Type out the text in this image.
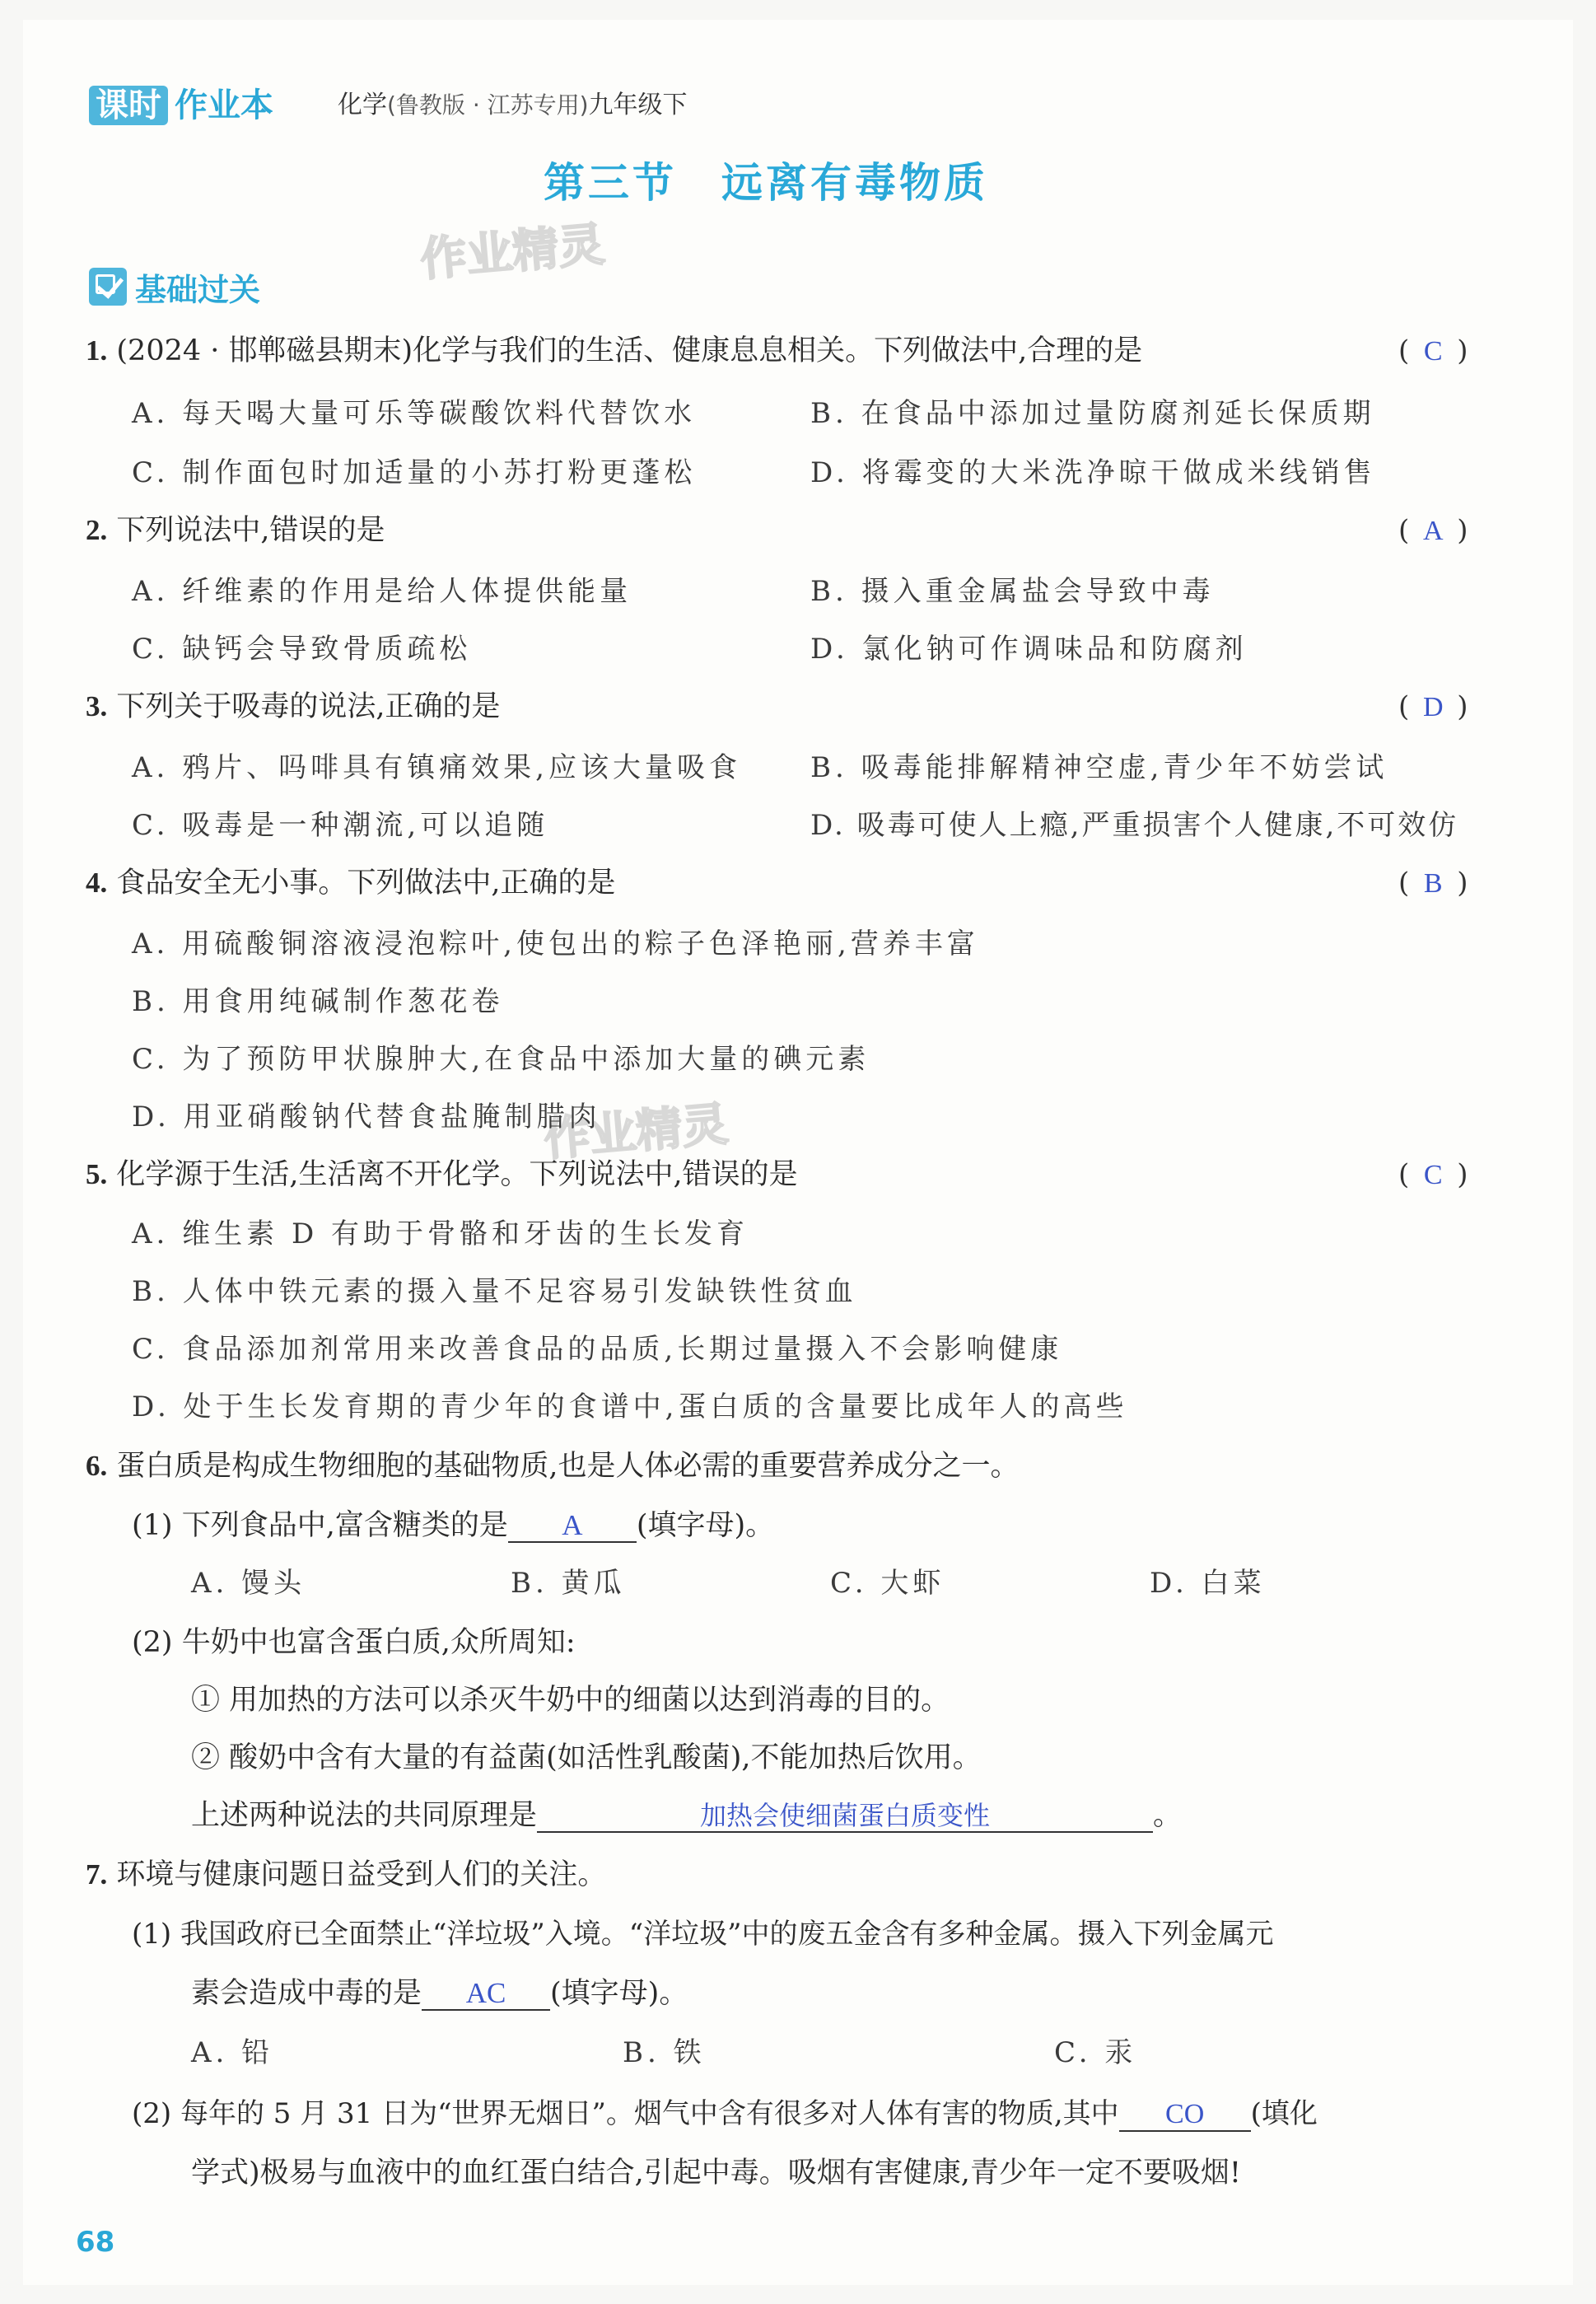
课时 作业本	化学(鲁教版 · 江苏专用)九年级下
第三节　远离有毒物质
作业精灵
作业精灵
基础过关
1. (2024 · 邯郸磁县期末)化学与我们的生活、健康息息相关。下列做法中,合理的是	( C )
A. 每天喝大量可乐等碳酸饮料代替饮水	B. 在食品中添加过量防腐剂延长保质期
C. 制作面包时加适量的小苏打粉更蓬松	D. 将霉变的大米洗净晾干做成米线销售
2. 下列说法中,错误的是	( A )
A. 纤维素的作用是给人体提供能量	B. 摄入重金属盐会导致中毒
C. 缺钙会导致骨质疏松	D. 氯化钠可作调味品和防腐剂
3. 下列关于吸毒的说法,正确的是	( D )
A. 鸦片、吗啡具有镇痛效果,应该大量吸食 B. 吸毒能排解精神空虚,青少年不妨尝试
C. 吸毒是一种潮流,可以追随	D. 吸毒可使人上瘾,严重损害个人健康,不可效仿
4. 食品安全无小事。下列做法中,正确的是	( B )
A. 用硫酸铜溶液浸泡粽叶,使包出的粽子色泽艳丽,营养丰富
B. 用食用纯碱制作葱花卷
C. 为了预防甲状腺肿大,在食品中添加大量的碘元素
D. 用亚硝酸钠代替食盐腌制腊肉
5. 化学源于生活,生活离不开化学。下列说法中,错误的是	( C )
A. 维生素 D 有助于骨骼和牙齿的生长发育
B. 人体中铁元素的摄入量不足容易引发缺铁性贫血
C. 食品添加剂常用来改善食品的品质,长期过量摄入不会影响健康
D. 处于生长发育期的青少年的食谱中,蛋白质的含量要比成年人的高些
6. 蛋白质是构成生物细胞的基础物质,也是人体必需的重要营养成分之一。
(1) 下列食品中,富含糖类的是 A (填字母)。
A. 馒头	B. 黄瓜	C. 大虾	D. 白菜
(2) 牛奶中也富含蛋白质,众所周知:
① 用加热的方法可以杀灭牛奶中的细菌以达到消毒的目的。
② 酸奶中含有大量的有益菌(如活性乳酸菌),不能加热后饮用。
上述两种说法的共同原理是	加热会使细菌蛋白质变性	。
7. 环境与健康问题日益受到人们的关注。
(1) 我国政府已全面禁止“洋垃圾”入境。“洋垃圾”中的废五金含有多种金属。摄入下列金属元
素会造成中毒的是 AC (填字母)。
A. 铅	B. 铁	C. 汞
(2) 每年的 5 月 31 日为“世界无烟日”。烟气中含有很多对人体有害的物质,其中 CO (填化
学式)极易与血液中的血红蛋白结合,引起中毒。吸烟有害健康,青少年一定不要吸烟!
68
